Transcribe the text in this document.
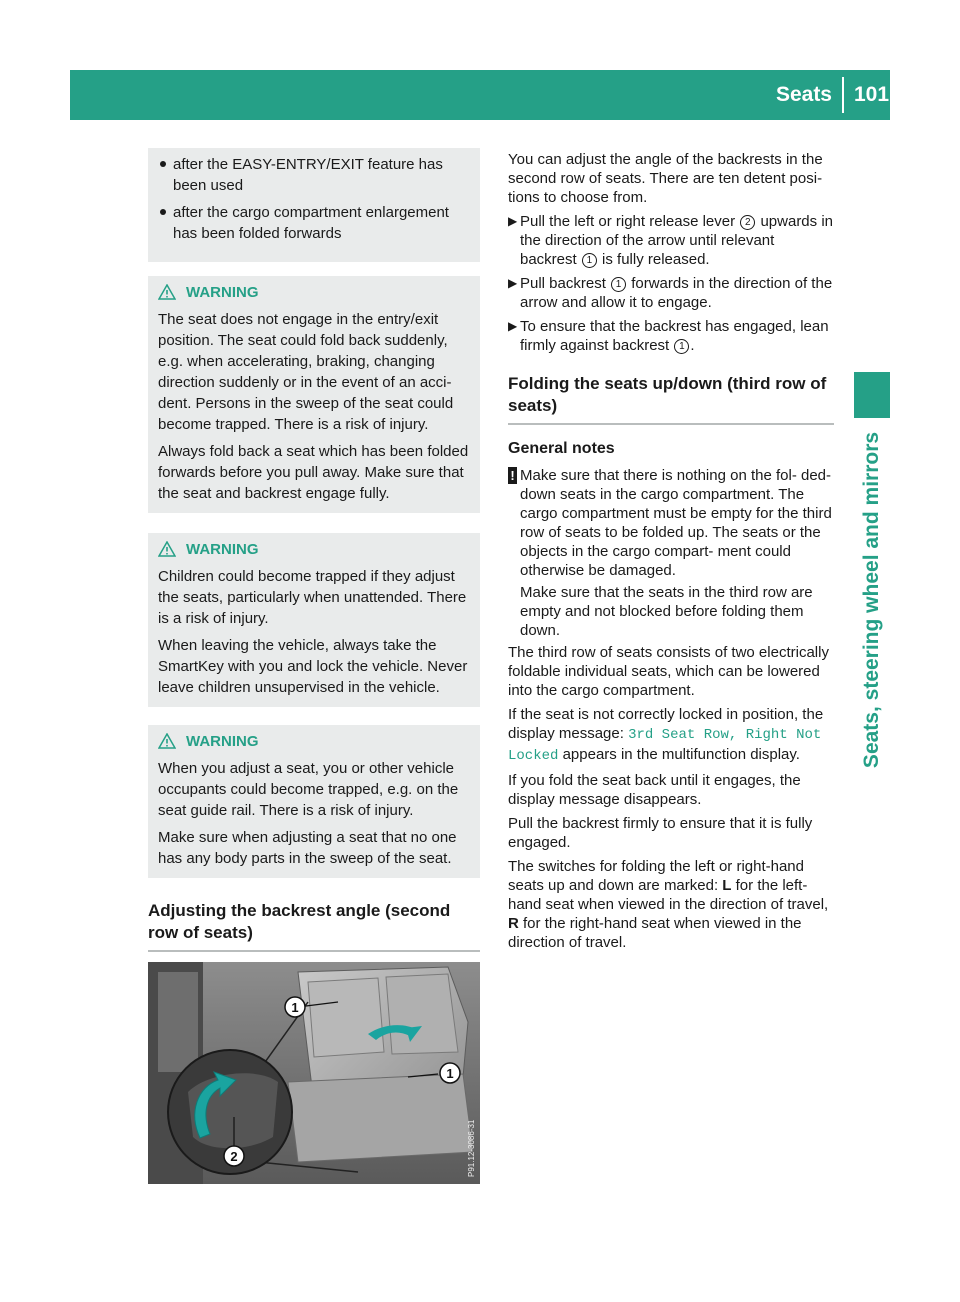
Seats	101
Seats, steering wheel and mirrors
after the EASY-ENTRY/EXIT feature has been used
after the cargo compartment enlargement has been folded forwards
WARNING

The seat does not engage in the entry/exit position. The seat could fold back suddenly, e.g. when accelerating, braking, changing direction suddenly or in the event of an acci- dent. Persons in the sweep of the seat could become trapped. There is a risk of injury.

Always fold back a seat which has been folded forwards before you pull away. Make sure that the seat and backrest engage fully.

WARNING

Children could become trapped if they adjust the seats, particularly when unattended. There is a risk of injury.

When leaving the vehicle, always take the SmartKey with you and lock the vehicle. Never leave children unsupervised in the vehicle.

WARNING

When you adjust a seat, you or other vehicle occupants could become trapped, e.g. on the seat guide rail. There is a risk of injury.

Make sure when adjusting a seat that no one has any body parts in the sweep of the seat.

Adjusting the backrest angle (second row of seats)
1
1
2	P91.12-3086-31

You can adjust the angle of the backrests in the second row of seats. There are ten detent posi- tions to choose from.

▶ Pull the left or right release lever 2 upwards in the direction of the arrow until relevant backrest 1 is fully released.
▶ Pull backrest 1 forwards in the direction of the arrow and allow it to engage.
▶ To ensure that the backrest has engaged, lean firmly against backrest 1 .
Folding the seats up/down (third row of seats)
General notes
! Make sure that there is nothing on the fol- ded-down seats in the cargo compartment. The cargo compartment must be empty for the third row of seats to be folded up. The seats or the objects in the cargo compart- ment could otherwise be damaged.

Make sure that the seats in the third row are empty and not blocked before folding them down.

The third row of seats consists of two electrically foldable individual seats, which can be lowered into the cargo compartment.

If the seat is not correctly locked in position, the display message: 3rd Seat Row, Right Not Locked appears in the multifunction display.

If you fold the seat back until it engages, the display message disappears.

Pull the backrest firmly to ensure that it is fully engaged.

The switches for folding the left or right-hand seats up and down are marked: L for the left- hand seat when viewed in the direction of travel, R for the right-hand seat when viewed in the direction of travel.
